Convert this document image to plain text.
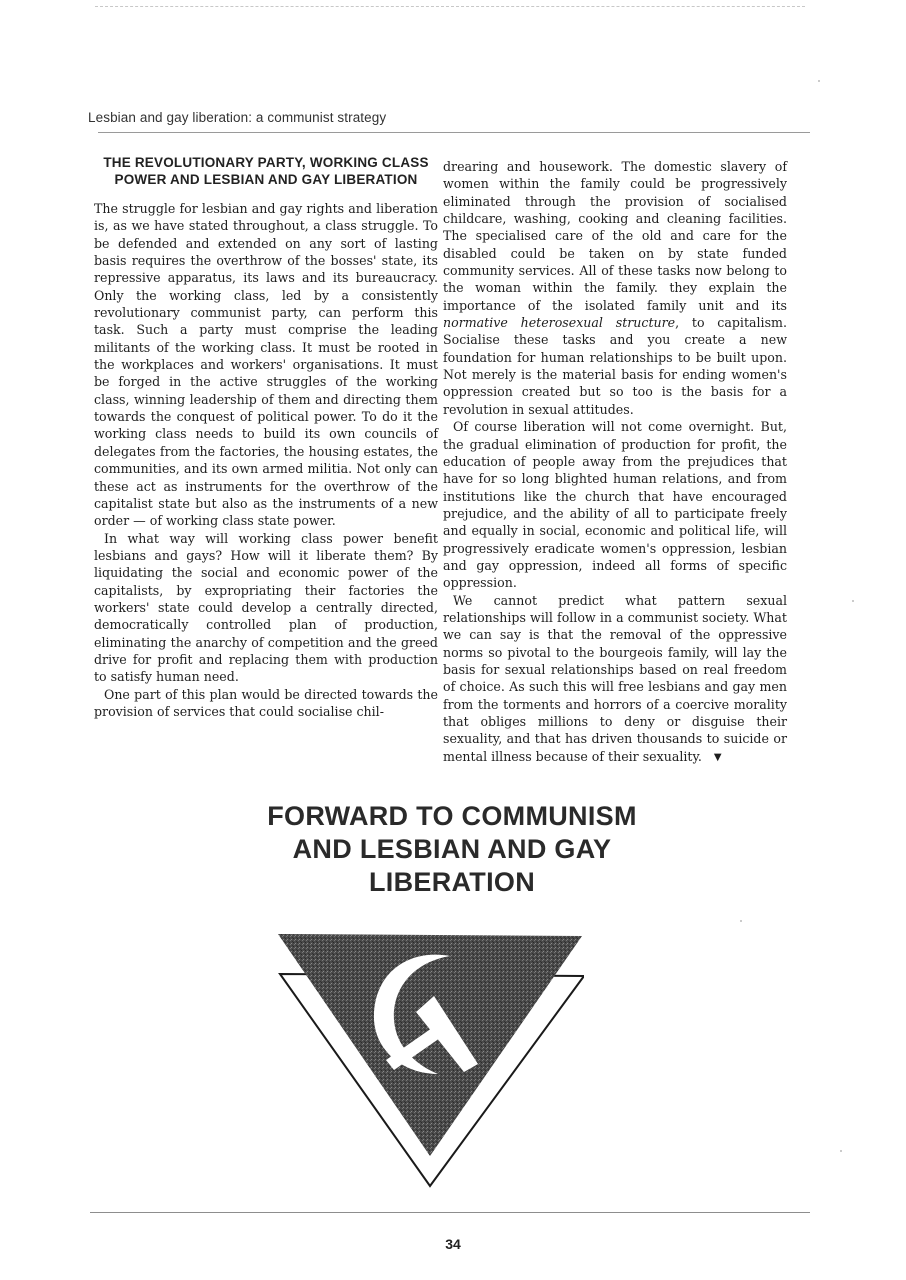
Lesbian and gay liberation: a communist strategy
THE REVOLUTIONARY PARTY, WORKING CLASS POWER AND LESBIAN AND GAY LIBERATION

The struggle for lesbian and gay rights and liberation is, as we have stated throughout, a class struggle. To be defended and extended on any sort of lasting basis requires the overthrow of the bosses' state, its repressive apparatus, its laws and its bureaucracy. Only the working class, led by a consistently revolutionary communist party, can perform this task. Such a party must comprise the leading militants of the working class. It must be rooted in the workplaces and workers' organisations. It must be forged in the active struggles of the working class, winning leadership of them and directing them towards the conquest of political power. To do it the working class needs to build its own councils of delegates from the factories, the housing estates, the communities, and its own armed militia. Not only can these act as instruments for the overthrow of the capitalist state but also as the instruments of a new order — of working class state power.

In what way will working class power benefit lesbians and gays? How will it liberate them? By liquidating the social and economic power of the capitalists, by expropriating their factories the workers' state could develop a centrally directed, democratically controlled plan of production, eliminating the anarchy of competition and the greed drive for profit and replacing them with production to satisfy human need.

One part of this plan would be directed towards the provision of services that could socialise chil-

drearing and housework. The domestic slavery of women within the family could be progressively eliminated through the provision of socialised childcare, washing, cooking and cleaning facilities. The specialised care of the old and care for the disabled could be taken on by state funded community services. All of these tasks now belong to the woman within the family. they explain the importance of the isolated family unit and its normative heterosexual structure, to capitalism. Socialise these tasks and you create a new foundation for human relationships to be built upon. Not merely is the material basis for ending women's oppression created but so too is the basis for a revolution in sexual attitudes.

Of course liberation will not come overnight. But, the gradual elimination of production for profit, the education of people away from the prejudices that have for so long blighted human relations, and from institutions like the church that have encouraged prejudice, and the ability of all to participate freely and equally in social, economic and political life, will progressively eradicate women's oppression, lesbian and gay oppression, indeed all forms of specific oppression.

We cannot predict what pattern sexual relationships will follow in a communist society. What we can say is that the removal of the oppressive norms so pivotal to the bourgeois family, will lay the basis for sexual relationships based on real freedom of choice. As such this will free lesbians and gay men from the torments and horrors of a coercive morality that obliges millions to deny or disguise their sexuality, and that has driven thousands to suicide or mental illness because of their sexuality. ▼

FORWARD TO COMMUNISM
AND LESBIAN AND GAY
LIBERATION
34
